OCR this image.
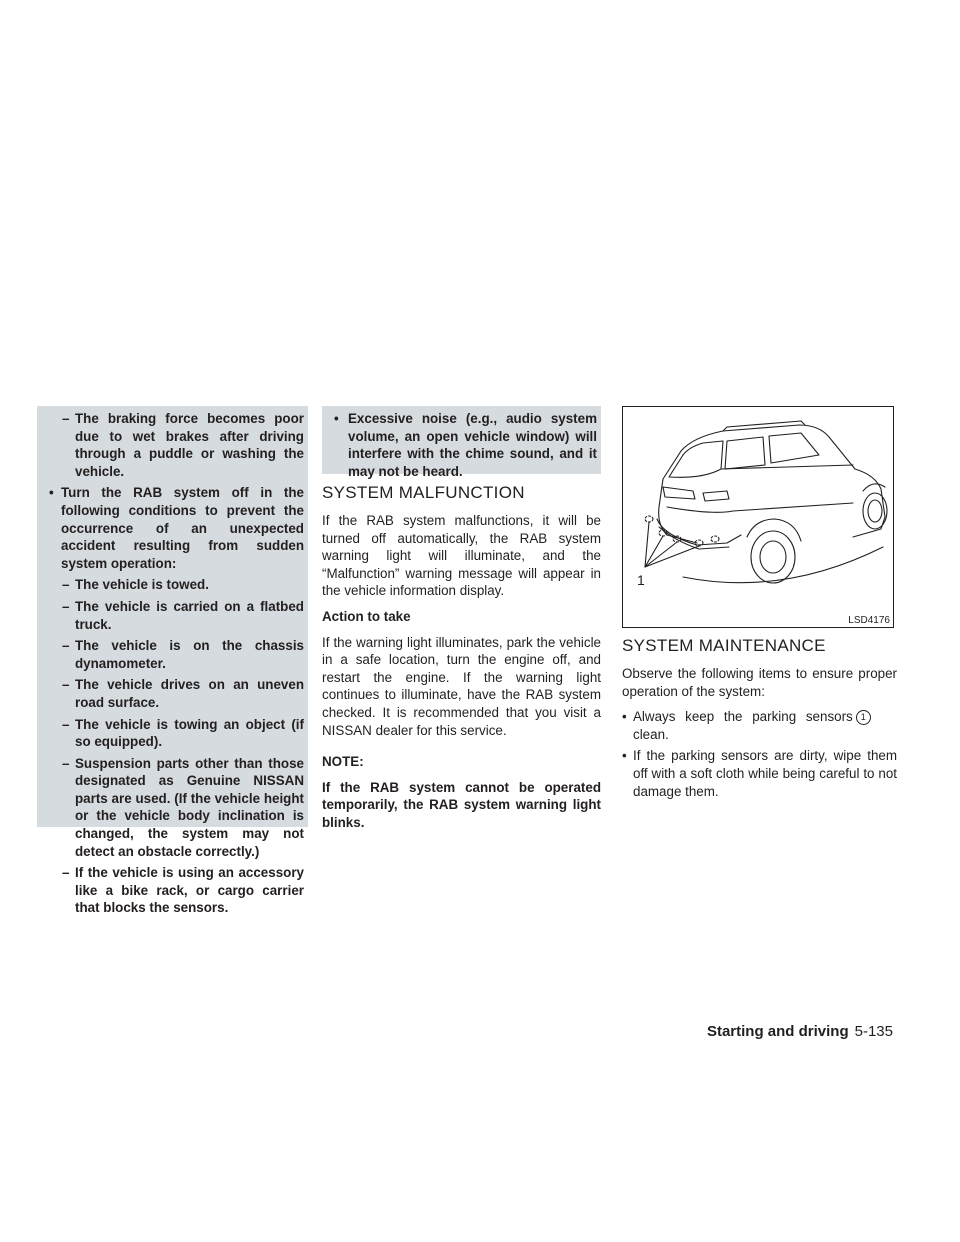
– The braking force becomes poor due to wet brakes after driving through a puddle or washing the vehicle.
• Turn the RAB system off in the following conditions to prevent the occurrence of an unexpected accident resulting from sudden system operation:
– The vehicle is towed.
– The vehicle is carried on a flatbed truck.
– The vehicle is on the chassis dynamometer.
– The vehicle drives on an uneven road surface.
– The vehicle is towing an object (if so equipped).
– Suspension parts other than those designated as Genuine NISSAN parts are used. (If the vehicle height or the vehicle body inclination is changed, the system may not detect an obstacle correctly.)
– If the vehicle is using an accessory like a bike rack, or cargo carrier that blocks the sensors.
• Excessive noise (e.g., audio system volume, an open vehicle window) will interfere with the chime sound, and it may not be heard.
SYSTEM MALFUNCTION

If the RAB system malfunctions, it will be turned off automatically, the RAB system warning light will illuminate, and the “Malfunction” warning message will appear in the vehicle information display.

Action to take

If the warning light illuminates, park the vehicle in a safe location, turn the engine off, and restart the engine. If the warning light continues to illuminate, have the RAB system checked. It is recommended that you visit a NISSAN dealer for this service.

NOTE:

If the RAB system cannot be operated temporarily, the RAB system warning light blinks.

1
LSD4176
SYSTEM MAINTENANCE

Observe the following items to ensure proper operation of the system:

• Always keep the parking sensors 1
clean.
• If the parking sensors are dirty, wipe them off with a soft cloth while being careful to not damage them.
Starting and driving 5-135
